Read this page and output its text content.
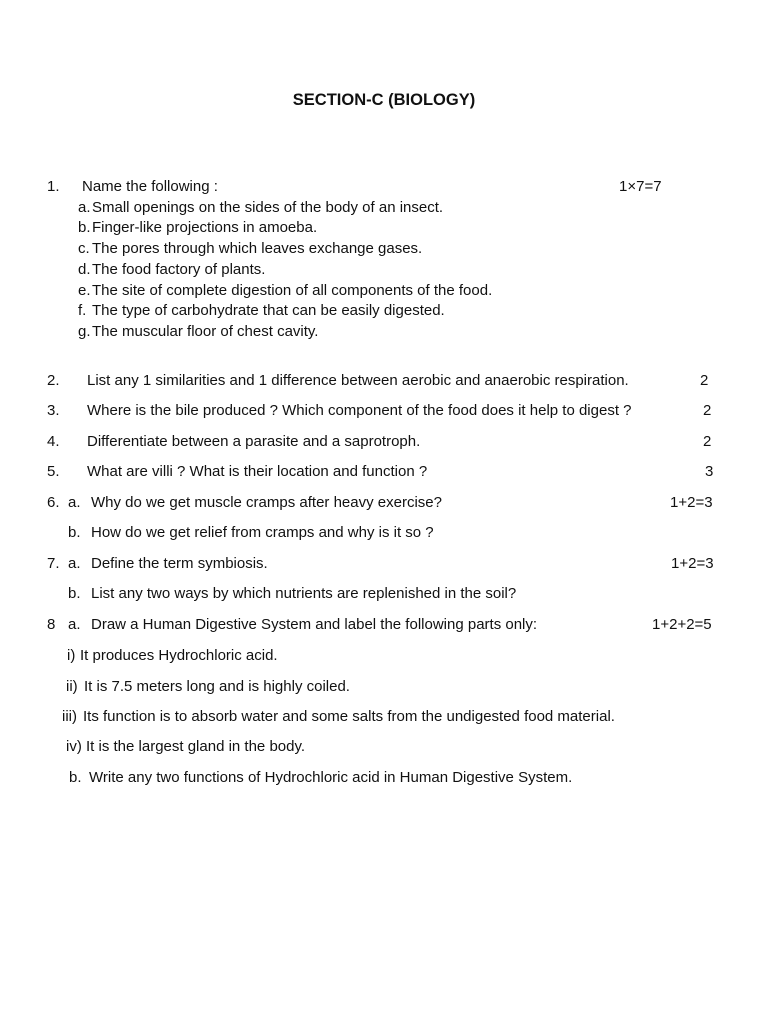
SECTION-C (BIOLOGY)
1. Name the following :	1×7=7
a. Small openings on the sides of the body of an insect.
b. Finger-like projections in amoeba.
c. The pores through which leaves exchange gases.
d. The food factory of plants.
e. The site of complete digestion of all components of the food.
f. The type of carbohydrate that can be easily digested.
g. The muscular floor of chest cavity.
2. List any 1 similarities and 1 difference between aerobic and anaerobic respiration.	2
3. Where is the bile produced ? Which component of the food does it help to digest ?	2
4. Differentiate between a parasite and a saprotroph.	2
5. What are villi ? What is their location and function ?	3
6. a. Why do we get muscle cramps after heavy exercise?	1+2=3
b. How do we get relief from cramps and why is it so ?
7. a. Define the term symbiosis.	1+2=3
b. List any two ways by which nutrients are replenished in the soil?
8 a. Draw a Human Digestive System and label the following parts only:	1+2+2=5
i) It produces Hydrochloric acid.
ii) It is 7.5 meters long and is highly coiled.
iii) Its function is to absorb water and some salts from the undigested food material.
iv) It is the largest gland in the body.
b. Write any two functions of Hydrochloric acid in Human Digestive System.
